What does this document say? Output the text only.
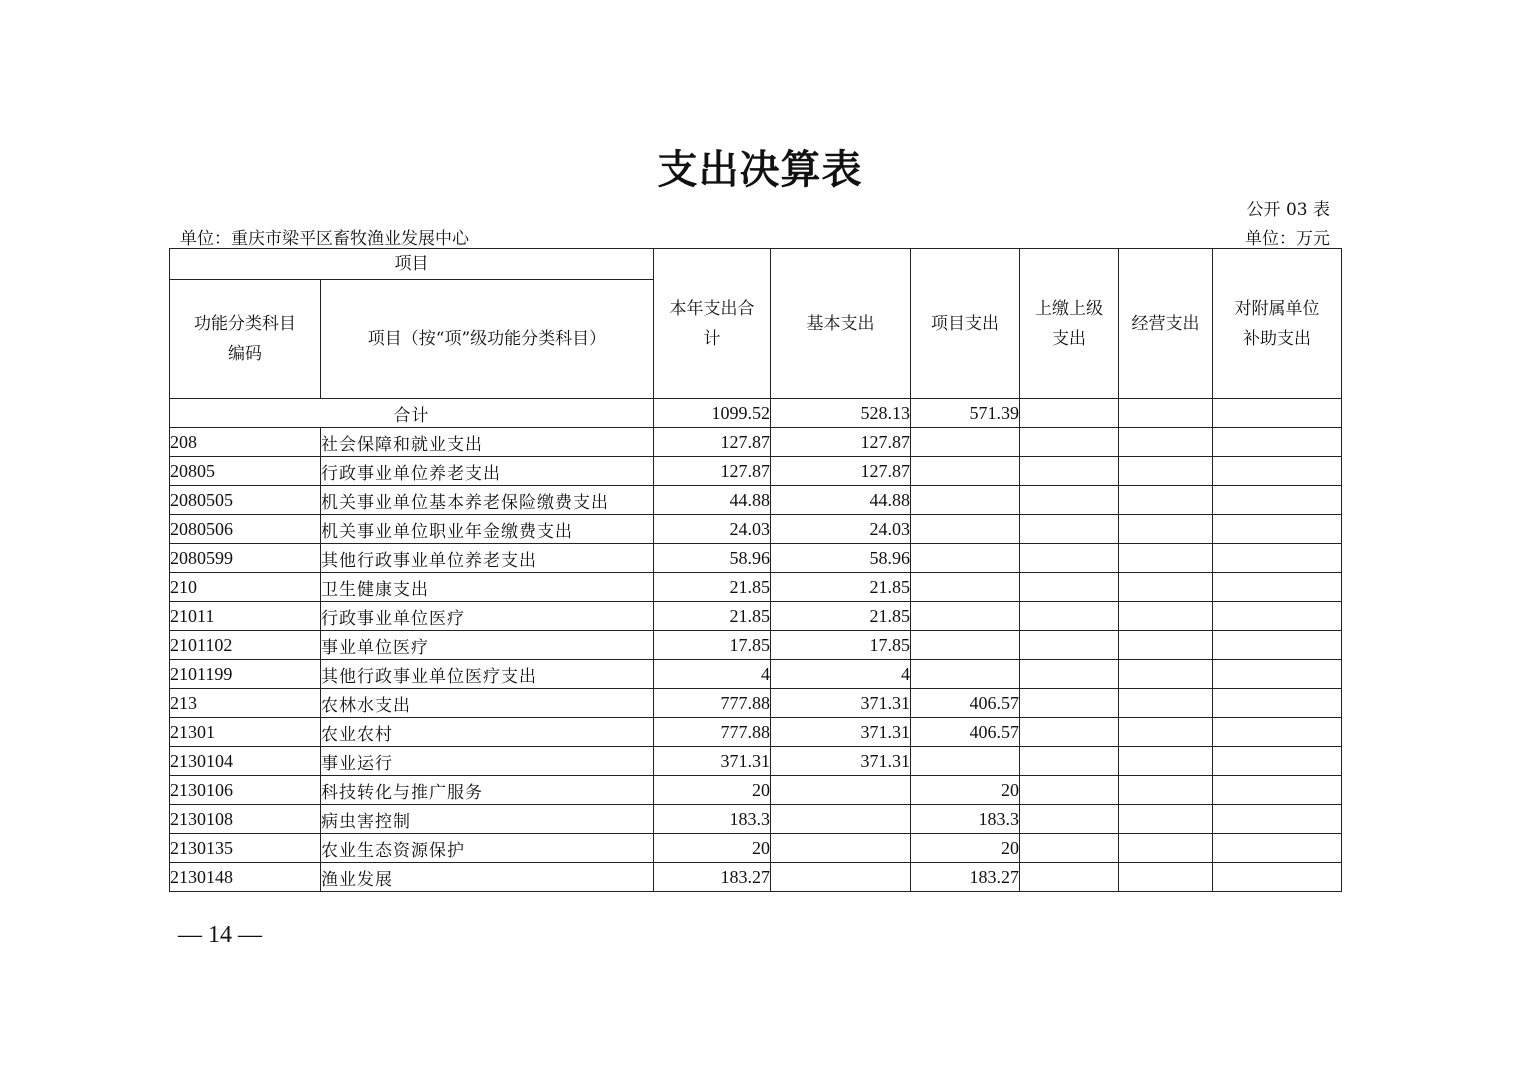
支出决算表
公开 03 表
单位：重庆市梁平区畜牧渔业发展中心	单位：万元
项目		本年支出合计	基本支出	项目支出	上缴上级支出	经营支出	对附属单位补助支出
功能分类科目编码	项目（按“项”级功能分类科目）						
合计		1099.52	528.13	571.39			
208	社会保障和就业支出	127.87	127.87				
20805	行政事业单位养老支出	127.87	127.87				
2080505	机关事业单位基本养老保险缴费支出	44.88	44.88				
2080506	机关事业单位职业年金缴费支出	24.03	24.03				
2080599	其他行政事业单位养老支出	58.96	58.96				
210	卫生健康支出	21.85	21.85				
21011	行政事业单位医疗	21.85	21.85				
2101102	事业单位医疗	17.85	17.85				
2101199	其他行政事业单位医疗支出	4	4				
213	农林水支出	777.88	371.31	406.57			
21301	农业农村	777.88	371.31	406.57			
2130104	事业运行	371.31	371.31				
2130106	科技转化与推广服务	20		20			
2130108	病虫害控制	183.3		183.3			
2130135	农业生态资源保护	20		20			
2130148	渔业发展	183.27		183.27			
— 14 —
